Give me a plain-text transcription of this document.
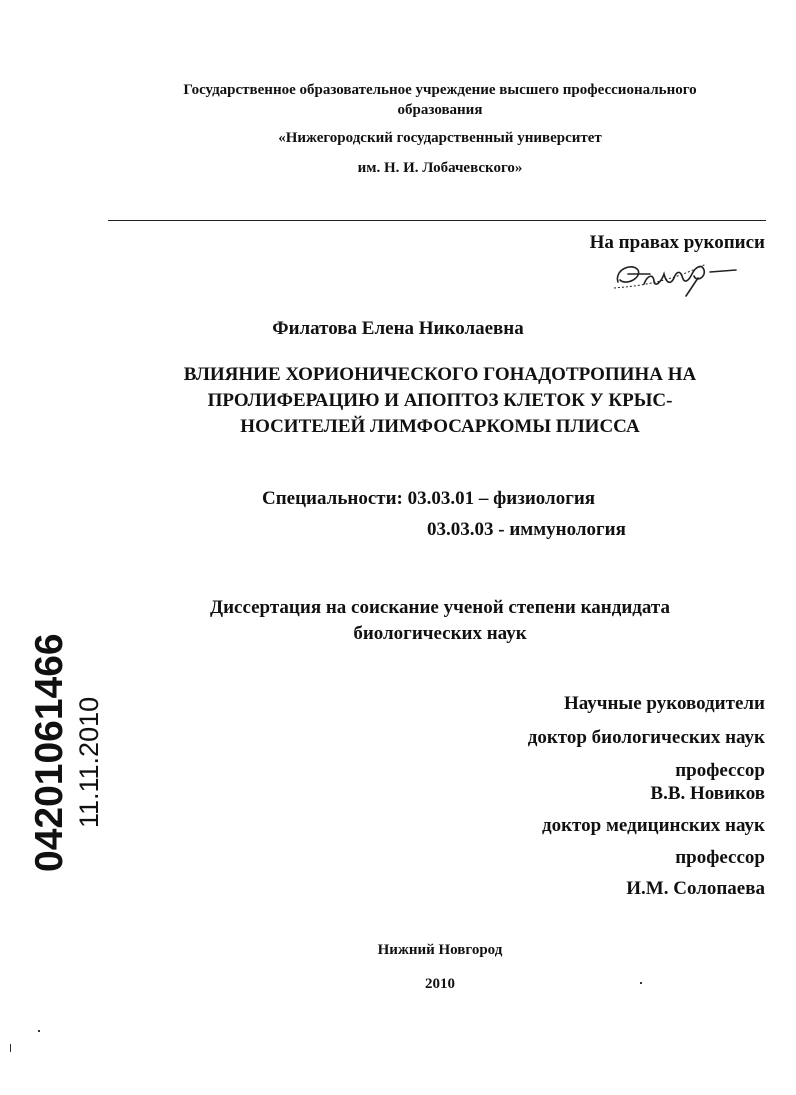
Государственное образовательное учреждение высшего профессионального
образования
«Нижегородский государственный университет
им. Н. И. Лобачевского»
На правах рукописи
Филатова Елена Николаевна
ВЛИЯНИЕ ХОРИОНИЧЕСКОГО ГОНАДОТРОПИНА НА
ПРОЛИФЕРАЦИЮ И АПОПТОЗ КЛЕТОК У КРЫС-
НОСИТЕЛЕЙ ЛИМФОСАРКОМЫ ПЛИССА
Специальности: 03.03.01 – физиология
03.03.03 - иммунология
Диссертация на соискание ученой степени кандидата
биологических наук
Научные руководители
доктор биологических наук
профессор
В.В. Новиков
доктор медицинских наук
профессор
И.М. Солопаева
Нижний Новгород
2010
04201061466 11.11.2010
